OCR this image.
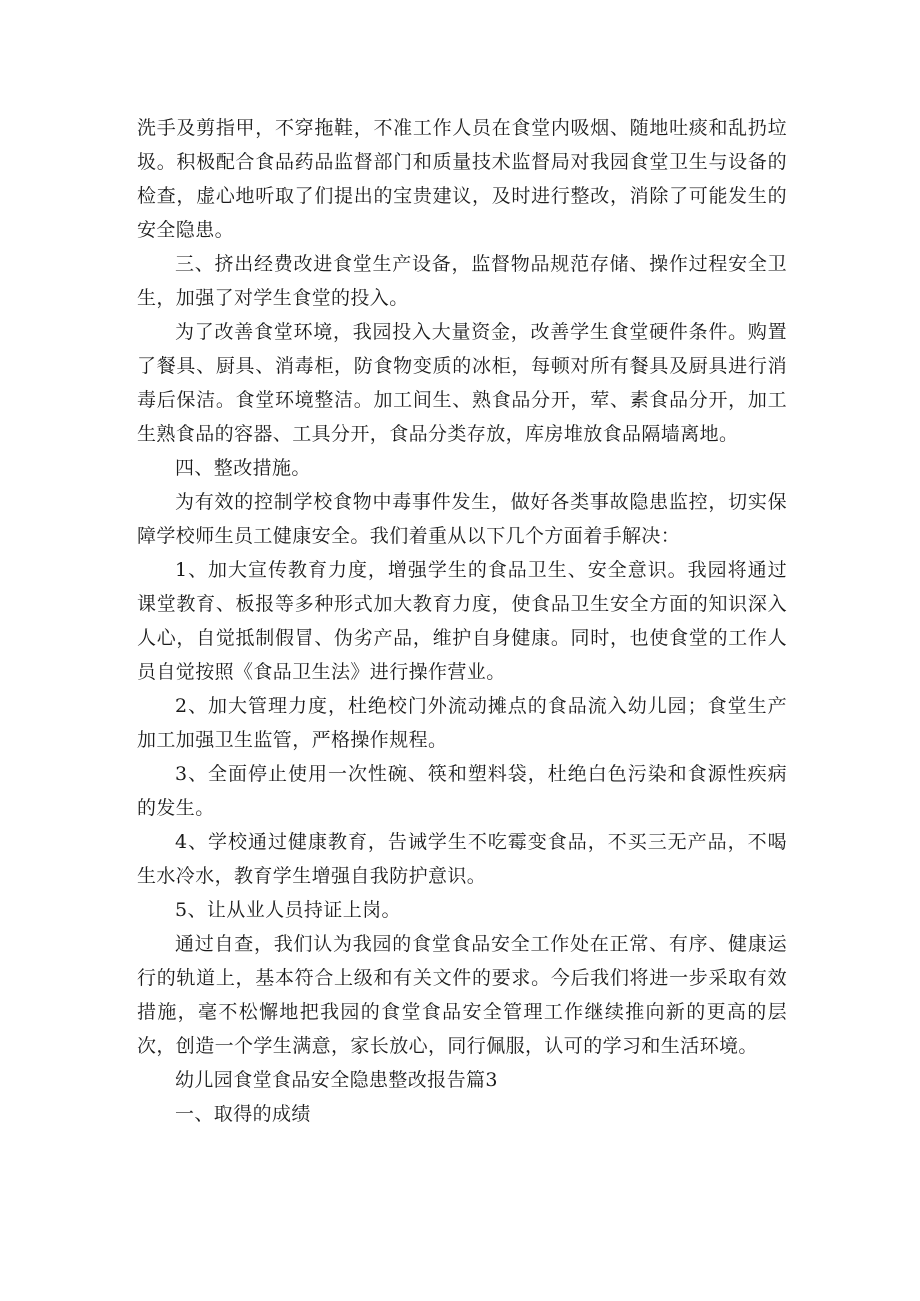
洗手及剪指甲，不穿拖鞋，不准工作人员在食堂内吸烟、随地吐痰和乱扔垃圾。积极配合食品药品监督部门和质量技术监督局对我园食堂卫生与设备的检查，虚心地听取了们提出的宝贵建议，及时进行整改，消除了可能发生的安全隐患。

三、挤出经费改进食堂生产设备，监督物品规范存储、操作过程安全卫生，加强了对学生食堂的投入。

为了改善食堂环境，我园投入大量资金，改善学生食堂硬件条件。购置了餐具、厨具、消毒柜，防食物变质的冰柜，每顿对所有餐具及厨具进行消毒后保洁。食堂环境整洁。加工间生、熟食品分开，荤、素食品分开，加工生熟食品的容器、工具分开，食品分类存放，库房堆放食品隔墙离地。

四、整改措施。

为有效的控制学校食物中毒事件发生，做好各类事故隐患监控，切实保障学校师生员工健康安全。我们着重从以下几个方面着手解决：

1、加大宣传教育力度，增强学生的食品卫生、安全意识。我园将通过课堂教育、板报等多种形式加大教育力度，使食品卫生安全方面的知识深入人心，自觉抵制假冒、伪劣产品，维护自身健康。同时，也使食堂的工作人员自觉按照《食品卫生法》进行操作营业。

2、加大管理力度，杜绝校门外流动摊点的食品流入幼儿园；食堂生产加工加强卫生监管，严格操作规程。

3、全面停止使用一次性碗、筷和塑料袋，杜绝白色污染和食源性疾病的发生。

4、学校通过健康教育，告诫学生不吃霉变食品，不买三无产品，不喝生水冷水，教育学生增强自我防护意识。

5、让从业人员持证上岗。

通过自查，我们认为我园的食堂食品安全工作处在正常、有序、健康运行的轨道上，基本符合上级和有关文件的要求。今后我们将进一步采取有效措施，毫不松懈地把我园的食堂食品安全管理工作继续推向新的更高的层次，创造一个学生满意，家长放心，同行佩服，认可的学习和生活环境。

幼儿园食堂食品安全隐患整改报告篇3

一、取得的成绩
